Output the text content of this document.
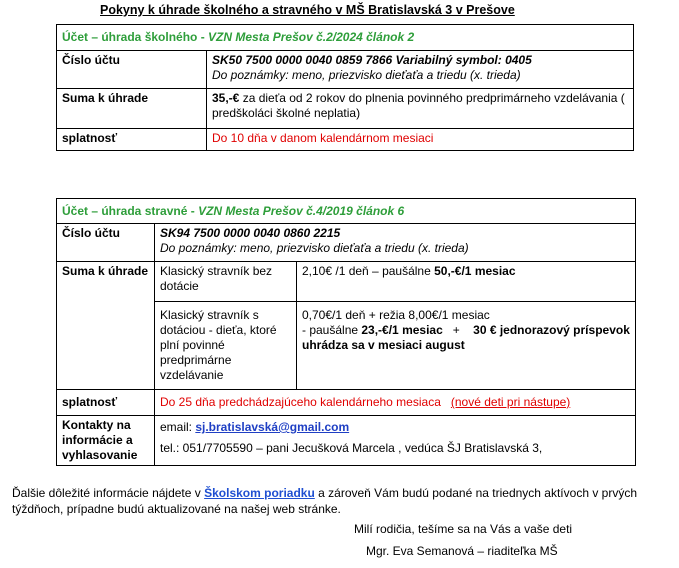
Pokyny k úhrade školného a stravného v MŠ Bratislavská 3 v Prešove
Účet – úhrada školného - VZN Mesta Prešov č.2/2024 článok 2	
Číslo účtu	SK50 7500 0000 0040 0859 7866 Variabilný symbol: 0405
Do poznámky: meno, priezvisko dieťaťa a triedu (x. trieda)

Suma k úhrade	35,-€ za dieťa od 2 rokov do plnenia povinného predprimárneho vzdelávania ( predškoláci školné neplatia)
splatnosť	Do 10 dňa v danom kalendárnom mesiaci
Účet – úhrada stravné - VZN Mesta Prešov č.4/2019 článok 6		
Číslo účtu	SK94 7500 0000 0040 0860 2215
Do poznámky: meno, priezvisko dieťaťa a triedu (x. trieda)	

Suma k úhrade	Klasický stravník bez dotácie	2,10€ /1 deň – paušálne 50,-€/1 mesiac
	Klasický stravník s dotáciou - dieťa, ktoré plní povinné predprimárne vzdelávanie	0,70€/1 deň + režia 8,00€/1 mesiac
- paušálne 23,-€/1 mesiac   +    30 € jednorazový príspevok uhrádza sa v mesiaci august

splatnosť	Do 25 dňa predchádzajúceho kalendárneho mesiaca (nové deti pri nástupe)	
Kontakty na informácie a vyhlasovanie	email: sj.bratislavská@gmail.com
tel.: 051/7705590 – pani Jecušková Marcela , vedúca ŠJ Bratislavská 3,	
Ďalšie dôležité informácie nájdete v Školskom poriadku a zároveň Vám budú podané na triednych aktívoch v prvých týždňoch, prípadne budú aktualizované na našej web stránke.
Milí rodičia, tešíme sa na Vás a vaše deti
Mgr. Eva Semanová – riaditeľka MŠ
